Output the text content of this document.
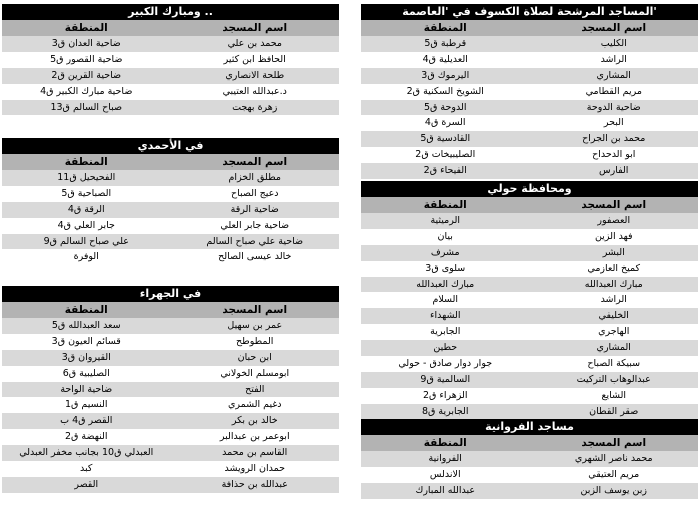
ومبارك الكبير ..
المنطقة	اسم المسجد
ضاحية العدان ق3	محمد بن علي
ضاحية القصور ق5	الحافظ ابن كثير
ضاحية القرين ق2	طلحة الانصاري
ضاحية مبارك الكبير ق4	د.عبدالله العتيبي
صباح السالم ق13	زهرة بهجت
في الأحمدي
المنطقة	اسم المسجد
الفحيحيل ق11	مطلق الخزام
الصباحية ق5	دعيج الصباح
الرقة ق4	ضاحية الرقة
جابر العلي ق4	ضاحية جابر العلي
علي صباح السالم ق9	ضاحية علي صباح السالم
الوفرة	خالد عيسى الصالح
في الجهراء
المنطقة	اسم المسجد
سعد العبدالله ق5	عمر بن سهيل
قسائم العيون ق3	المطوطح
القيروان ق3	ابن حبان
الصليبية ق6	ابومسلم الخولاني
ضاحية الواحة	الفتح
النسيم ق1	دغيم الشمري
القصر ق4 ب	خالد بن بكر
النهضة ق2	ابوعمر بن عبدالبر
العبدلي ق10 بجانب مخفر العبدلي	القاسم بن محمد
كبد	حمدان الرويشد
القصر	عبدالله بن حذافة
المساجد المرشحة لصلاة الكسوف في 'العاصمة'
المنطقة	اسم المسجد
قرطبة ق5	الكليب
العديلية ق4	الراشد
اليرموك ق3	المشاري
الشويخ السكنية ق2	مريم القطامي
الدوحة ق5	ضاحية الدوحة
السرة ق4	البحر
القادسية ق5	محمد بن الجراح
الصليبيخات ق2	ابو الدحداح
الفيحاء ق2	الفارس
ومحافظة حولي
المنطقة	اسم المسجد
الرميثية	العصفور
بيان	فهد الزين
مشرف	البشر
سلوى ق3	كميخ العازمي
مبارك العبدالله	مبارك العبدالله
السلام	الراشد
الشهداء	الخليفي
الجابرية	الهاجري
حطين	المشاري
جوار دوار صادق - حولي	سبيكة الصباح
السالمية ق9	عبدالوهاب التركيت
الزهراء ق2	الشايع
الجابرية ق8	صقر القطان
مساجد الفروانية
المنطقة	اسم المسجد
الفروانية	محمد ناصر الشهري
الاندلس	مريم العتيقي
عبدالله المبارك	زبن يوسف الزبن
